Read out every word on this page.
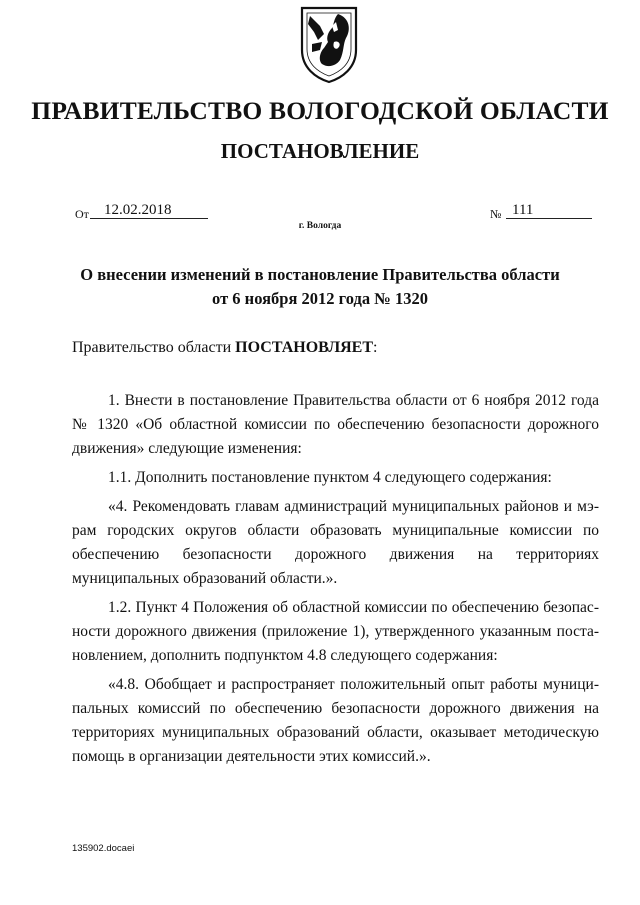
ПРАВИТЕЛЬСТВО ВОЛОГОДСКОЙ ОБЛАСТИ
ПОСТАНОВЛЕНИЕ
От	12.02.2018	№ 111
г. Вологда
О внесении изменений в постановление Правительства области
от 6 ноября 2012 года № 1320
Правительство области ПОСТАНОВЛЯЕТ:

1. Внести в постановление Правительства области от 6 ноября 2012 года № 1320 «Об областной комиссии по обеспечению безопасности дорожного движения» следующие изменения:

1.1. Дополнить постановление пунктом 4 следующего содержания:

«4. Рекомендовать главам администраций муниципальных районов и мэрам городских округов области образовать муниципальные комиссии по обеспечению безопасности дорожного движения на территориях муниципальных образований области.».

1.2. Пункт 4 Положения об областной комиссии по обеспечению безопасности дорожного движения (приложение 1), утвержденного указанным постановлением, дополнить подпунктом 4.8 следующего содержания:

«4.8. Обобщает и распространяет положительный опыт работы муниципальных комиссий по обеспечению безопасности дорожного движения на территориях муниципальных образований области, оказывает методическую помощь в организации деятельности этих комиссий.».

135902.docaei
